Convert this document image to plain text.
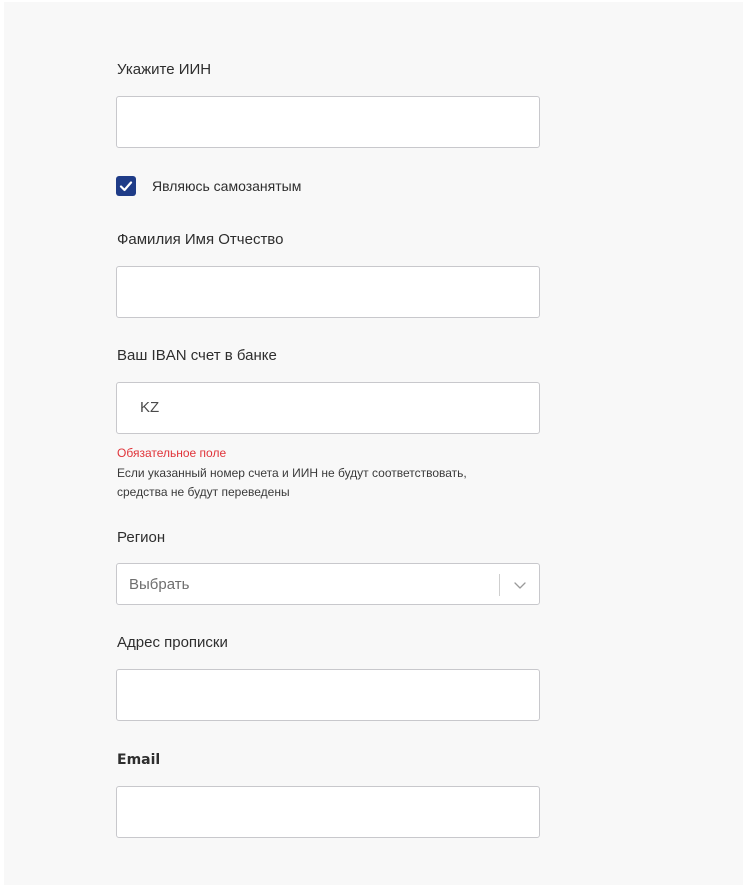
Укажите ИИН
Являюсь самозанятым
Фамилия Имя Отчество
Ваш IBAN счет в банке
KZ
Обязательное поле
Если указанный номер счета и ИИН не будут соответствовать,
средства не будут переведены
Регион
Выбрать
Адрес прописки
Email
